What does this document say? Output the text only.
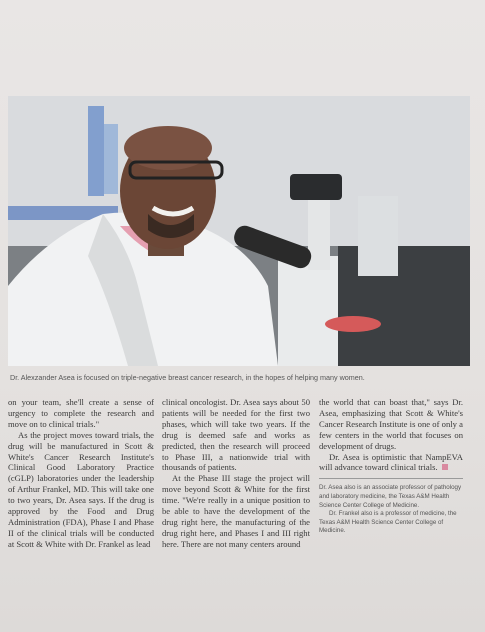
Dr. Alexzander Asea is focused on triple-negative breast cancer research, in the hopes of helping many women.

on your team, she'll create a sense of urgency to complete the research and move on to clinical trials."

As the project moves toward trials, the drug will be manufactured in Scott & White's Cancer Research Institute's Clinical Good Laboratory Practice (cGLP) laboratories under the leadership of Arthur Frankel, MD. This will take one to two years, Dr. Asea says. If the drug is approved by the Food and Drug Administration (FDA), Phase I and Phase II of the clinical trials will be conducted at Scott & White with Dr. Frankel as lead

clinical oncologist. Dr. Asea says about 50 patients will be needed for the first two phases, which will take two years. If the drug is deemed safe and works as predicted, then the research will proceed to Phase III, a nationwide trial with thousands of patients.

At the Phase III stage the project will move beyond Scott & White for the first time. "We're really in a unique position to be able to have the development of the drug right here, the manufacturing of the drug right here, and Phases I and III right here. There are not many centers around

the world that can boast that," says Dr. Asea, emphasizing that Scott & White's Cancer Research Institute is one of only a few centers in the world that focuses on development of drugs.

Dr. Asea is optimistic that NampEVA will advance toward clinical trials.

Dr. Asea also is an associate professor of pathology and laboratory medicine, the Texas A&M Health Science Center College of Medicine.

Dr. Frankel also is a professor of medicine, the Texas A&M Health Science Center College of Medicine.
